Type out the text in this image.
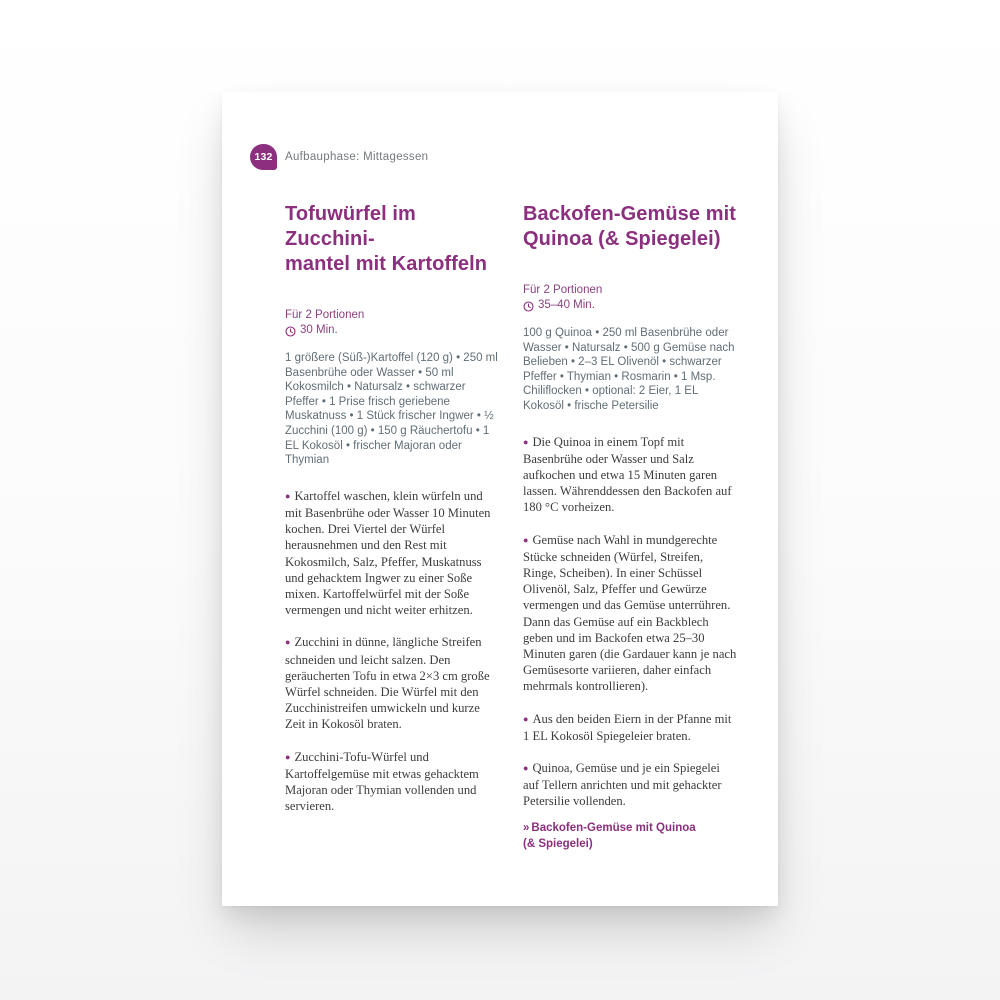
132 Aufbauphase: Mittagessen
Tofuwürfel im Zucchini-
mantel mit Kartoffeln
Für 2 Portionen
30 Min.
1 größere (Süß-)Kartoffel (120 g) • 250 ml Basenbrühe oder Wasser • 50 ml Kokosmilch • Natursalz • schwarzer Pfeffer • 1 Prise frisch geriebene Muskatnuss • 1 Stück frischer Ingwer • ½ Zucchini (100 g) • 150 g Räuchertofu • 1 EL Kokosöl • frischer Majoran oder Thymian

● Kartoffel waschen, klein würfeln und mit Basenbrühe oder Wasser 10 Minuten kochen. Drei Viertel der Würfel herausnehmen und den Rest mit Kokosmilch, Salz, Pfeffer, Muskatnuss und gehacktem Ingwer zu einer Soße mixen. Kartoffelwürfel mit der Soße vermengen und nicht weiter erhitzen.

● Zucchini in dünne, längliche Streifen schneiden und leicht salzen. Den geräucherten Tofu in etwa 2×3 cm große Würfel schneiden. Die Würfel mit den Zucchinistreifen umwickeln und kurze Zeit in Kokosöl braten.

● Zucchini-Tofu-Würfel und Kartoffelgemüse mit etwas gehacktem Majoran oder Thymian vollenden und servieren.

Backofen-Gemüse mit
Quinoa (& Spiegelei)
Für 2 Portionen
35–40 Min.
100 g Quinoa • 250 ml Basenbrühe oder Wasser • Natursalz • 500 g Gemüse nach Belieben • 2–3 EL Olivenöl • schwarzer Pfeffer • Thymian • Rosmarin • 1 Msp. Chiliflocken • optional: 2 Eier, 1 EL Kokosöl • frische Petersilie

● Die Quinoa in einem Topf mit Basenbrühe oder Wasser und Salz aufkochen und etwa 15 Minuten garen lassen. Währenddessen den Backofen auf 180 °C vorheizen.

● Gemüse nach Wahl in mundgerechte Stücke schneiden (Würfel, Streifen, Ringe, Scheiben). In einer Schüssel Olivenöl, Salz, Pfeffer und Gewürze vermengen und das Gemüse unterrühren. Dann das Gemüse auf ein Backblech geben und im Backofen etwa 25–30 Minuten garen (die Gardauer kann je nach Gemüsesorte variieren, daher einfach mehrmals kontrollieren).

● Aus den beiden Eiern in der Pfanne mit 1 EL Kokosöl Spiegeleier braten.

● Quinoa, Gemüse und je ein Spiegelei auf Tellern anrichten und mit gehackter Petersilie vollenden.

» Backofen-Gemüse mit Quinoa
(& Spiegelei)
